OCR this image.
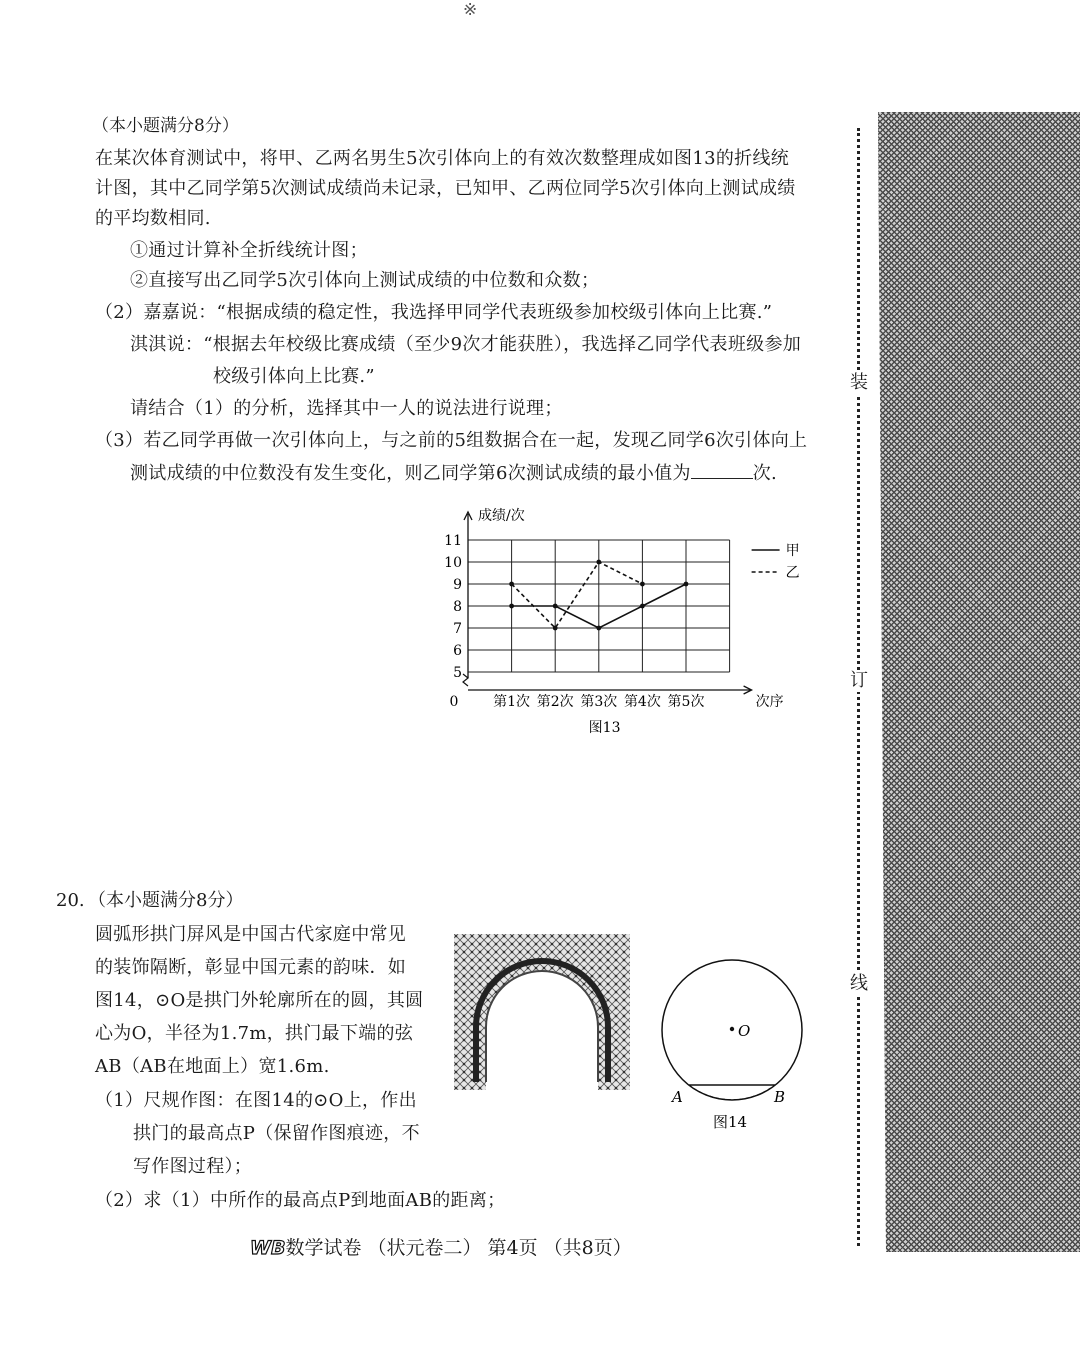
※
装
订
线
（本小题满分8分）
在某次体育测试中，将甲、乙两名男生5次引体向上的有效次数整理成如图13的折线统
计图，其中乙同学第5次测试成绩尚未记录，已知甲、乙两位同学5次引体向上测试成绩
的平均数相同.
①通过计算补全折线统计图；
②直接写出乙同学5次引体向上测试成绩的中位数和众数；
（2）嘉嘉说：“根据成绩的稳定性，我选择甲同学代表班级参加校级引体向上比赛.”
淇淇说：“根据去年校级比赛成绩（至少9次才能获胜），我选择乙同学代表班级参加
校级引体向上比赛.”
请结合（1）的分析，选择其中一人的说法进行说理；
（3）若乙同学再做一次引体向上，与之前的5组数据合在一起，发现乙同学6次引体向上
测试成绩的中位数没有发生变化，则乙同学第6次测试成绩的最小值为	次.
5
6
7
8
9
10
11
0
成绩/次
次序
第1次 第2次 第3次 第4次 第5次
图13
甲
乙
20. （本小题满分8分）
圆弧形拱门屏风是中国古代家庭中常见
的装饰隔断，彰显中国元素的韵味．如
图14，⊙O是拱门外轮廓所在的圆，其圆
心为O，半径为1.7m，拱门最下端的弦
AB（AB在地面上）宽1.6m.
（1）尺规作图：在图14的⊙O上，作出
拱门的最高点P（保留作图痕迹，不
写作图过程）；
（2）求（1）中所作的最高点P到地面AB的距离；
O
A	B
图14
WB数学试卷 （状元卷二） 第4页 （共8页）
